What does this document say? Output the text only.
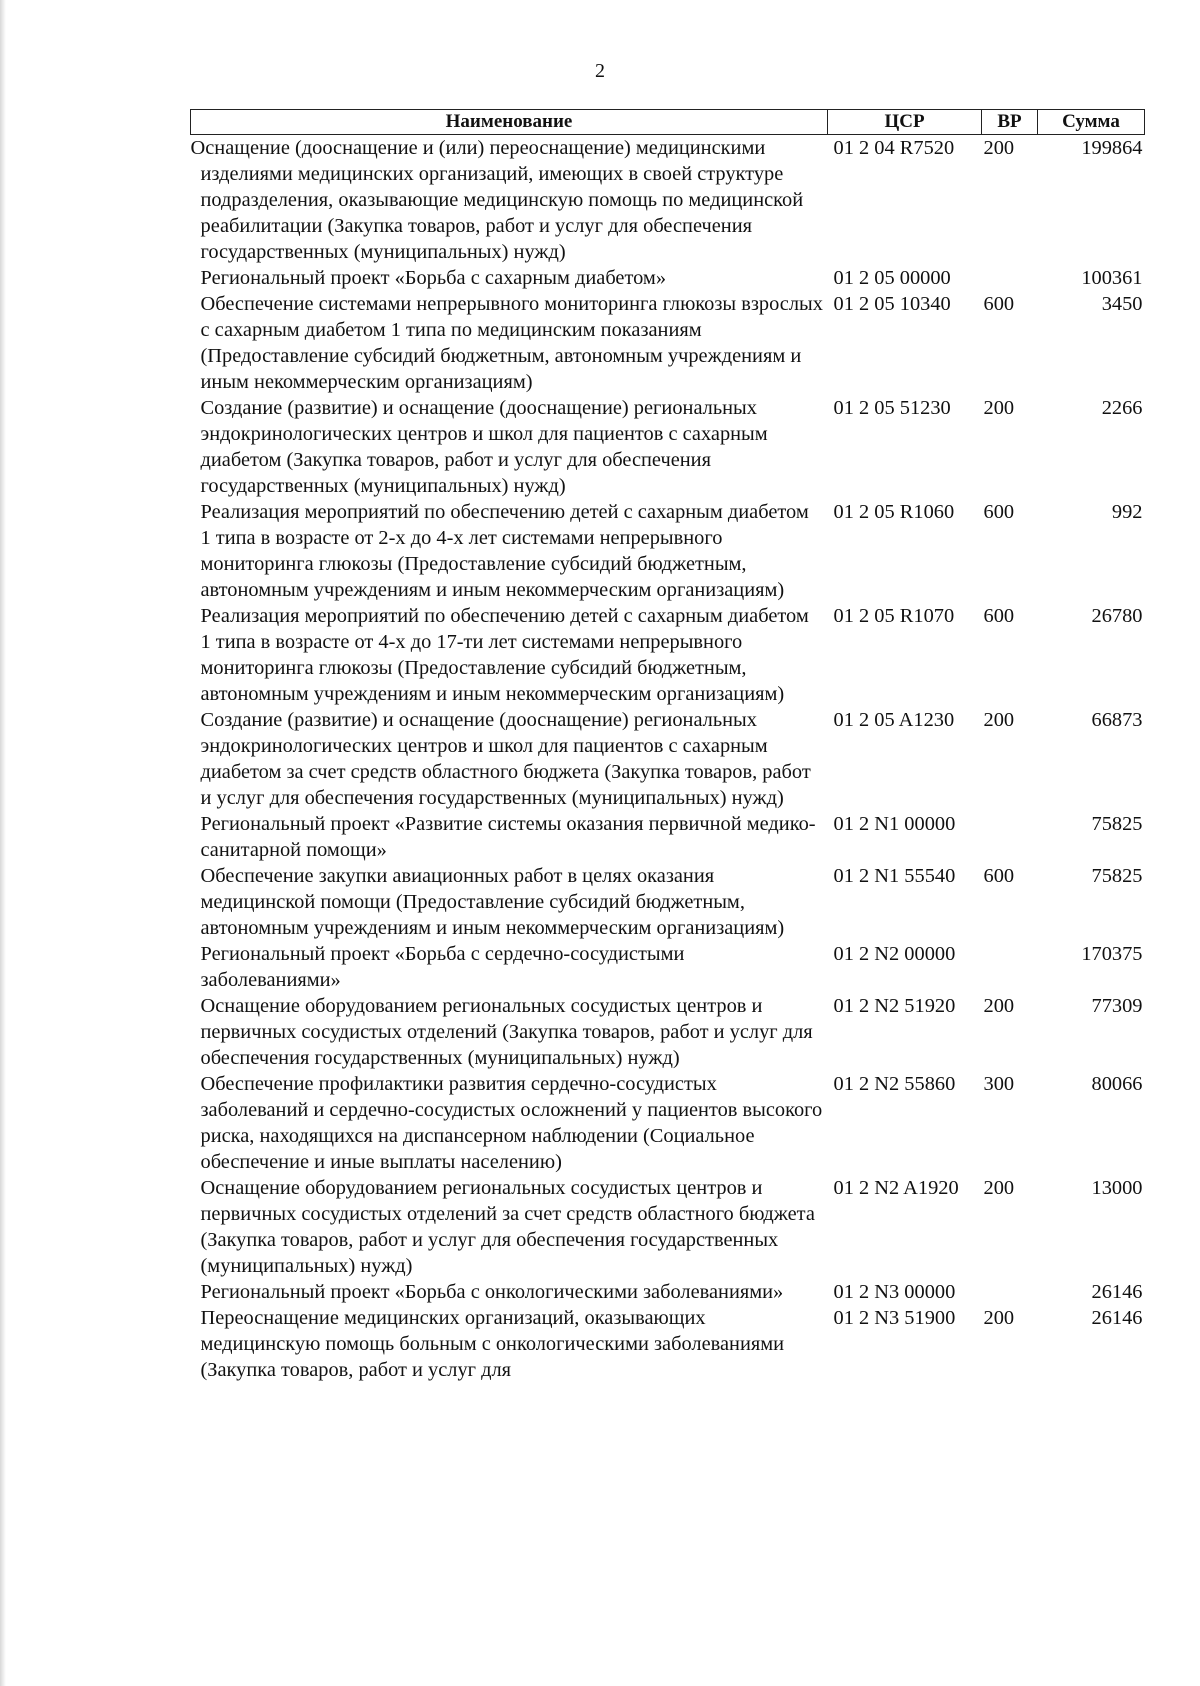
2
Наименование	ЦСР	ВР	Сумма

Оснащение (дооснащение и (или) переоснащение) медицинскими изделиями медицинских организаций, имеющих в своей структуре подразделения, оказывающие медицинскую помощь по медицинской реабилитации (Закупка товаров, работ и услуг для обеспечения государственных (муниципальных) нужд)	01 2 04 R7520	200	199864

Региональный проект «Борьба с сахарным диабетом»	01 2 05 00000		100361

Обеспечение системами непрерывного мониторинга глюкозы взрослых с сахарным диабетом 1 типа по медицинским показаниям (Предоставление субсидий бюджетным, автономным учреждениям и иным некоммерческим организациям)	01 2 05 10340	600	3450

Создание (развитие) и оснащение (дооснащение) региональных эндокринологических центров и школ для пациентов с сахарным диабетом (Закупка товаров, работ и услуг для обеспечения государственных (муниципальных) нужд)	01 2 05 51230	200	2266

Реализация мероприятий по обеспечению детей с сахарным диабетом 1 типа в возрасте от 2-х до 4-х лет системами непрерывного мониторинга глюкозы (Предоставление субсидий бюджетным, автономным учреждениям и иным некоммерческим организациям)	01 2 05 R1060	600	992

Реализация мероприятий по обеспечению детей с сахарным диабетом 1 типа в возрасте от 4-х до 17-ти лет системами непрерывного мониторинга глюкозы (Предоставление субсидий бюджетным, автономным учреждениям и иным некоммерческим организациям)	01 2 05 R1070	600	26780

Создание (развитие) и оснащение (дооснащение) региональных эндокринологических центров и школ для пациентов с сахарным диабетом за счет средств областного бюджета (Закупка товаров, работ и услуг для обеспечения государственных (муниципальных) нужд)	01 2 05 A1230	200	66873

Региональный проект «Развитие системы оказания первичной медико-санитарной помощи»	01 2 N1 00000		75825

Обеспечение закупки авиационных работ в целях оказания медицинской помощи (Предоставление субсидий бюджетным, автономным учреждениям и иным некоммерческим организациям)	01 2 N1 55540	600	75825

Региональный проект «Борьба с сердечно-сосудистыми заболеваниями»	01 2 N2 00000		170375

Оснащение оборудованием региональных сосудистых центров и первичных сосудистых отделений (Закупка товаров, работ и услуг для обеспечения государственных (муниципальных) нужд)	01 2 N2 51920	200	77309

Обеспечение профилактики развития сердечно-сосудистых заболеваний и сердечно-сосудистых осложнений у пациентов высокого риска, находящихся на диспансерном наблюдении (Социальное обеспечение и иные выплаты населению)	01 2 N2 55860	300	80066

Оснащение оборудованием региональных сосудистых центров и первичных сосудистых отделений за счет средств областного бюджета (Закупка товаров, работ и услуг для обеспечения государственных (муниципальных) нужд)	01 2 N2 A1920	200	13000

Региональный проект «Борьба с онкологическими заболеваниями»	01 2 N3 00000		26146

Переоснащение медицинских организаций, оказывающих медицинскую помощь больным с онкологическими заболеваниями (Закупка товаров, работ и услуг для	01 2 N3 51900	200	26146
